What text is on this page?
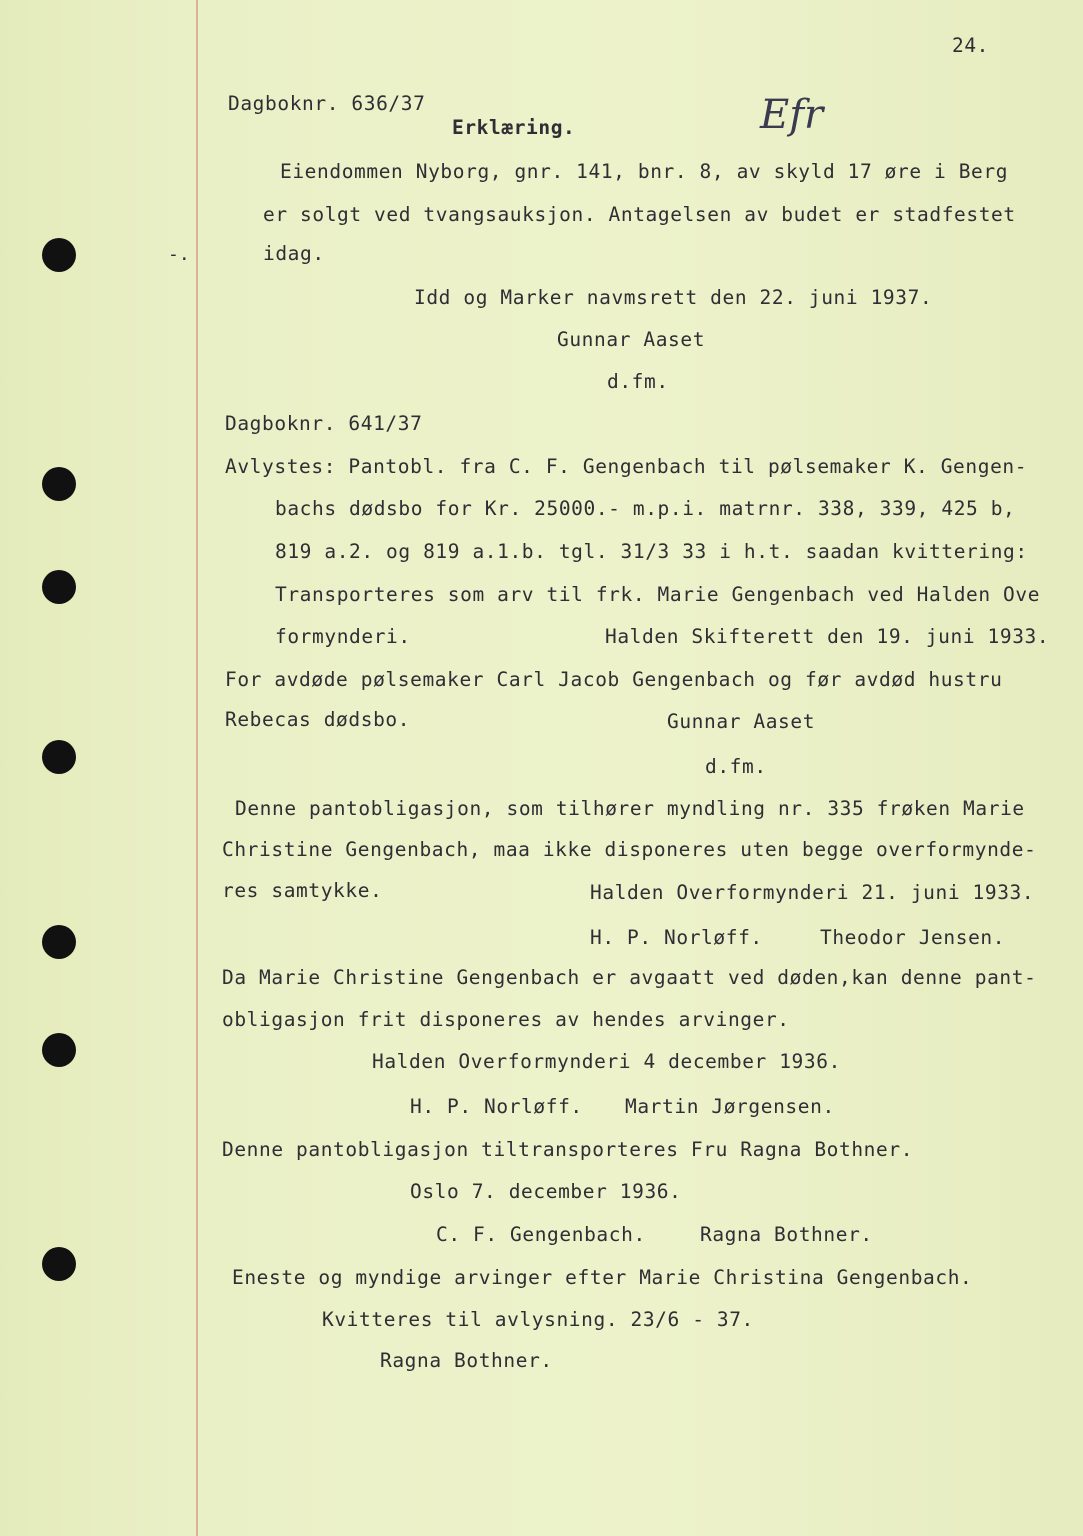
24.
Efr
-.
Dagboknr. 636/37
Erklæring.
Eiendommen Nyborg, gnr. 141, bnr. 8, av skyld 17 øre i Berg
er solgt ved tvangsauksjon. Antagelsen av budet er stadfestet
idag.
Idd og Marker navmsrett den 22. juni 1937.
Gunnar Aaset
d.fm.
Dagboknr. 641/37
Avlystes: Pantobl. fra C. F. Gengenbach til pølsemaker K. Gengen-
bachs dødsbo for Kr. 25000.- m.p.i. matrnr. 338, 339, 425 b,
819 a.2. og 819 a.1.b. tgl. 31/3 33 i h.t. saadan kvittering:
Transporteres som arv til frk. Marie Gengenbach ved Halden Ove
formynderi.	Halden Skifterett den 19. juni 1933.
For avdøde pølsemaker Carl Jacob Gengenbach og før avdød hustru
Rebecas dødsbo.	Gunnar Aaset
d.fm.
Denne pantobligasjon, som tilhører myndling nr. 335 frøken Marie
Christine Gengenbach, maa ikke disponeres uten begge overformynde-
res samtykke.	Halden Overformynderi 21. juni 1933.
H. P. Norløff.	Theodor Jensen.
Da Marie Christine Gengenbach er avgaatt ved døden,kan denne pant-
obligasjon frit disponeres av hendes arvinger.
Halden Overformynderi 4 december 1936.
H. P. Norløff. Martin Jørgensen.
Denne pantobligasjon tiltransporteres Fru Ragna Bothner.
Oslo 7. december 1936.
C. F. Gengenbach.	Ragna Bothner.
Eneste og myndige arvinger efter Marie Christina Gengenbach.
Kvitteres til avlysning. 23/6 - 37.
Ragna Bothner.
